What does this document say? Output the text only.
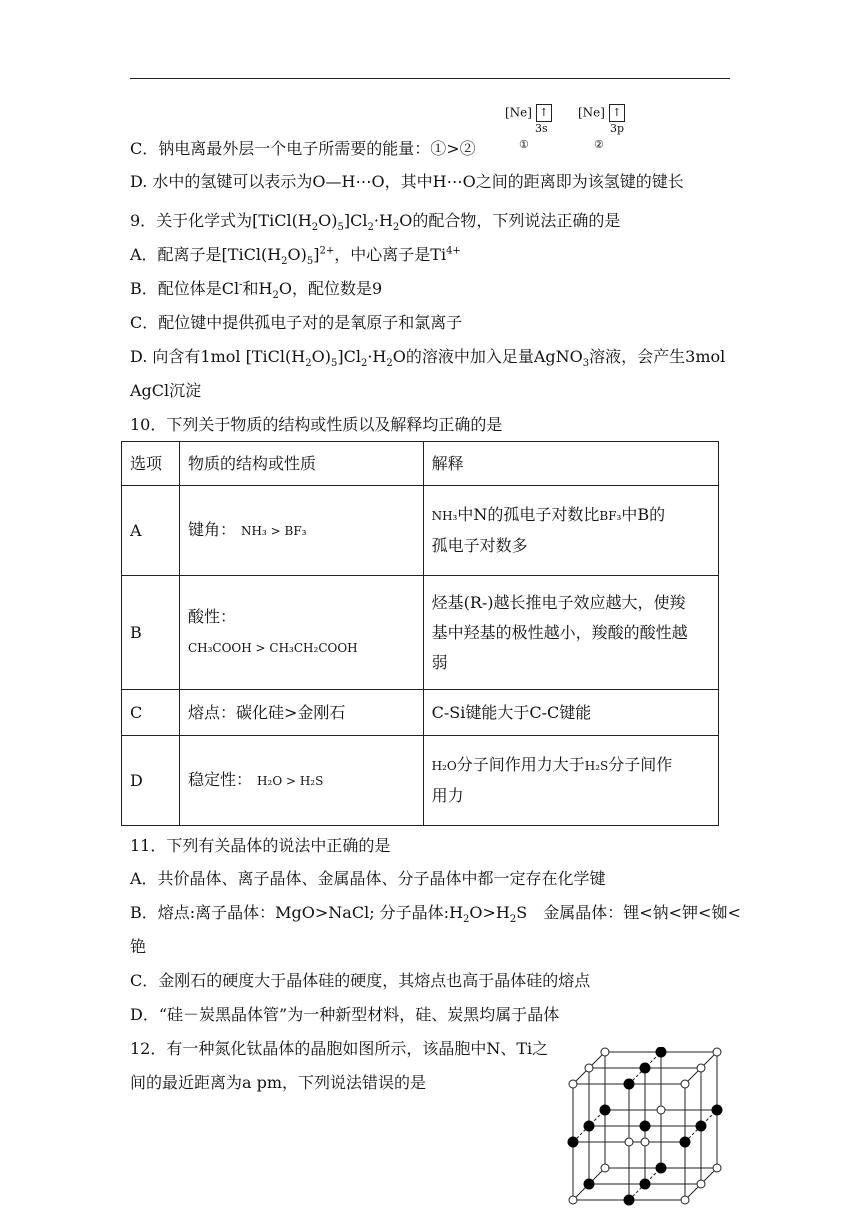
[Ne] ↑
3s
①
[Ne] ↑
3p
②
C．钠电离最外层一个电子所需要的能量：①>②
D. 水中的氢键可以表示为O—H⋯O，其中H⋯O之间的距离即为该氢键的键长
9．关于化学式为$[TiCl(H_2O)_5]Cl_2\cdot H_2O$的配合物，下列说法正确的是
A．配离子是$[TiCl(H_2O)_5]^{2+}$，中心离子是$Ti^{4+}$
B．配位体是Cl-和$H_2O$，配位数是9
C．配位键中提供孤电子对的是氧原子和氯离子
D. 向含有1mol $[TiCl(H_2O)_5]Cl_2\cdot H_2O$的溶液中加入足量AgNO$_3$溶液，会产生3mol
AgCl沉淀
10．下列关于物质的结构或性质以及解释均正确的是
选项	物质的结构或性质	解释
A	键角： NH₃ > BF₃	NH₃中N的孤电子对数比BF₃中B的
孤电子对数多
B	酸性：
CH₃COOH > CH₃CH₂COOH	烃基(R-)越长推电子效应越大，使羧
基中羟基的极性越小，羧酸的酸性越
弱
C	熔点：碳化硅>金刚石	C-Si键能大于C-C键能
D	稳定性： H₂O > H₂S	H₂O分子间作用力大于H₂S分子间作
用力
11．下列有关晶体的说法中正确的是
A．共价晶体、离子晶体、金属晶体、分子晶体中都一定存在化学键
B．熔点:离子晶体：MgO>NaCl; 分子晶体$:H_2O>H_2S$　金属晶体：锂<钠<钾<铷<
铯
C．金刚石的硬度大于晶体硅的硬度，其熔点也高于晶体硅的熔点
D．“硅－炭黑晶体管”为一种新型材料，硅、炭黑均属于晶体
12．有一种氮化钛晶体的晶胞如图所示，该晶胞中N、Ti之
间的最近距离为a pm，下列说法错误的是
